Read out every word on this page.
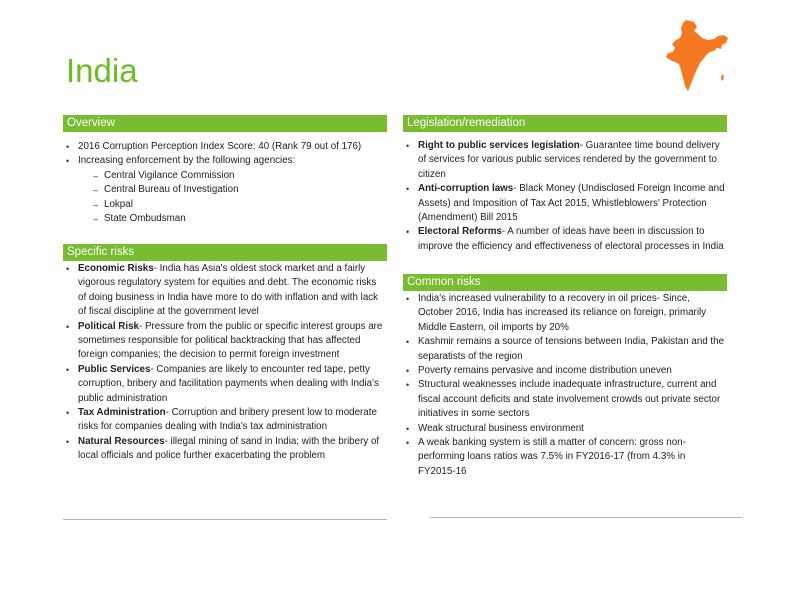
India
Overview
• 2016 Corruption Perception Index Score: 40 (Rank 79 out of 176)
• Increasing enforcement by the following agencies:
– Central Vigilance Commission
– Central Bureau of Investigation
– Lokpal
– State Ombudsman
Specific risks
• Economic Risks- India has Asia's oldest stock market and a fairly vigorous regulatory system for equities and debt. The economic risks of doing business in India have more to do with inflation and with lack of fiscal discipline at the government level
• Political Risk- Pressure from the public or specific interest groups are sometimes responsible for political backtracking that has affected foreign companies; the decision to permit foreign investment
• Public Services- Companies are likely to encounter red tape, petty corruption, bribery and facilitation payments when dealing with India's public administration
• Tax Administration- Corruption and bribery present low to moderate risks for companies dealing with India's tax administration
• Natural Resources- illegal mining of sand in India; with the bribery of local officials and police further exacerbating the problem
Legislation/remediation
• Right to public services legislation- Guarantee time bound delivery of services for various public services rendered by the government to citizen
• Anti-corruption laws- Black Money (Undisclosed Foreign Income and Assets) and Imposition of Tax Act 2015, Whistleblowers' Protection (Amendment) Bill 2015
• Electoral Reforms- A number of ideas have been in discussion to improve the efficiency and effectiveness of electoral processes in India
Common risks
• India's increased vulnerability to a recovery in oil prices- Since, October 2016, India has increased its reliance on foreign, primarily Middle Eastern, oil imports by 20%
• Kashmir remains a source of tensions between India, Pakistan and the separatists of the region
• Poverty remains pervasive and income distribution uneven
• Structural weaknesses include inadequate infrastructure, current and fiscal account deficits and state involvement crowds out private sector initiatives in some sectors
• Weak structural business environment
• A weak banking system is still a matter of concern: gross non-performing loans ratios was 7.5% in FY2016-17 (from 4.3% in FY2015-16
